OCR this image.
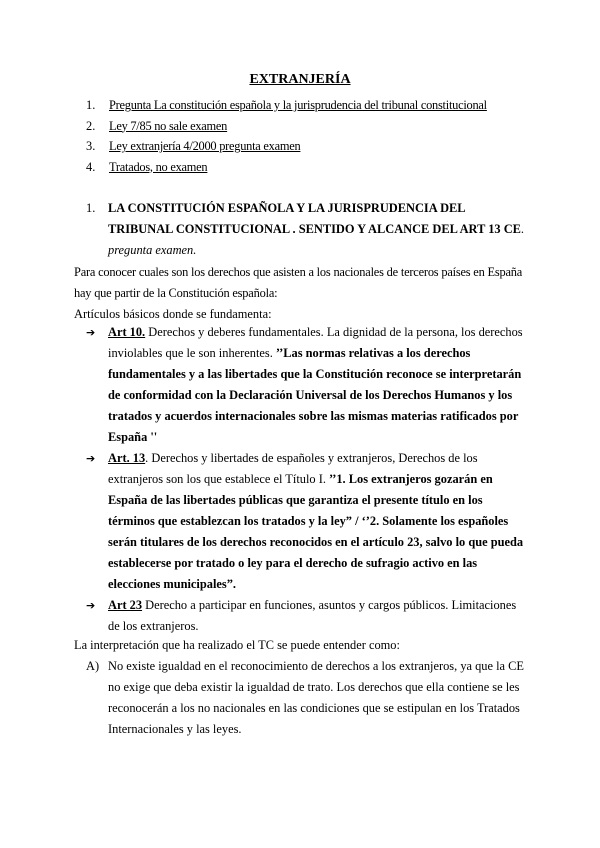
EXTRANJERÍA
1. Pregunta La constitución española y la jurisprudencia del tribunal constitucional
2. Ley 7/85 no sale examen
3. Ley extranjería 4/2000 pregunta examen
4. Tratados, no examen
1. LA CONSTITUCIÓN ESPAÑOLA Y LA JURISPRUDENCIA DEL TRIBUNAL CONSTITUCIONAL . SENTIDO Y ALCANCE DEL ART 13 CE.
pregunta examen.
Para conocer cuales son los derechos que asisten a los nacionales de terceros países en España hay que partir de la Constitución española:
Artículos básicos donde se fundamenta:
➔ Art 10. Derechos y deberes fundamentales. La dignidad de la persona, los derechos inviolables que le son inherentes. ’’Las normas relativas a los derechos fundamentales y a las libertades que la Constitución reconoce se interpretarán de conformidad con la Declaración Universal de los Derechos Humanos y los tratados y acuerdos internacionales sobre las mismas materias ratificados por España ''
➔ Art. 13. Derechos y libertades de españoles y extranjeros, Derechos de los extranjeros son los que establece el Título I. ’’1. Los extranjeros gozarán en España de las libertades públicas que garantiza el presente título en los términos que establezcan los tratados y la ley” / ‘’2. Solamente los españoles serán titulares de los derechos reconocidos en el artículo 23, salvo lo que pueda establecerse por tratado o ley para el derecho de sufragio activo en las elecciones municipales”.
➔ Art 23 Derecho a participar en funciones, asuntos y cargos públicos. Limitaciones de los extranjeros.
La interpretación que ha realizado el TC se puede entender como:
A) No existe igualdad en el reconocimiento de derechos a los extranjeros, ya que la CE no exige que deba existir la igualdad de trato. Los derechos que ella contiene se les reconocerán a los no nacionales en las condiciones que se estipulan en los Tratados Internacionales y las leyes.
